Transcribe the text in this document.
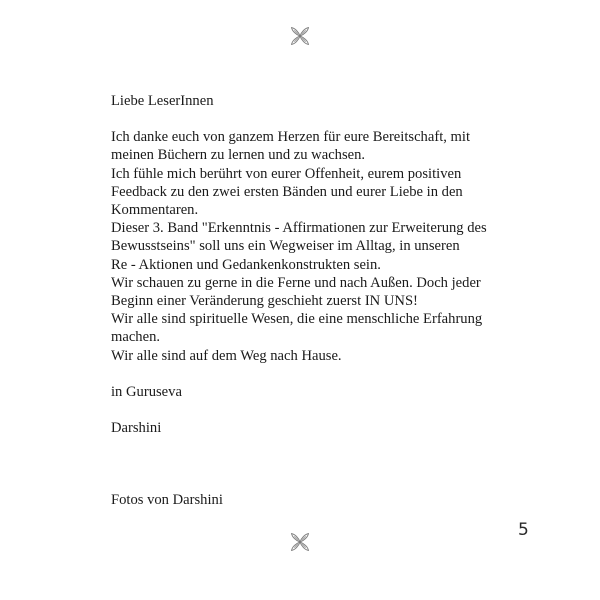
Liebe LeserInnen
Ich danke euch von ganzem Herzen für eure Bereitschaft, mit
meinen Büchern zu lernen und zu wachsen.
Ich fühle mich berührt von eurer Offenheit, eurem positiven
Feedback zu den zwei ersten Bänden und eurer Liebe in den
Kommentaren.
Dieser 3. Band "Erkenntnis - Affirmationen zur Erweiterung des
Bewusstseins" soll uns ein Wegweiser im Alltag, in unseren
Re - Aktionen und Gedankenkonstrukten sein.
Wir schauen zu gerne in die Ferne und nach Außen. Doch jeder
Beginn einer Veränderung geschieht zuerst IN UNS!
Wir alle sind spirituelle Wesen, die eine menschliche Erfahrung
machen.
Wir alle sind auf dem Weg nach Hause.
in Guruseva
Darshini
Fotos von Darshini
5
